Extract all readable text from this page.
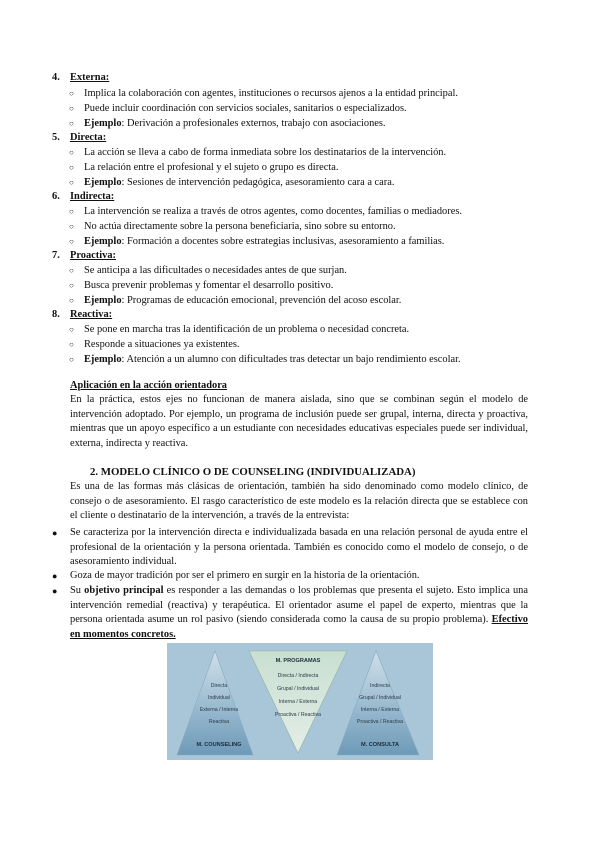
4. Externa:
○ Implica la colaboración con agentes, instituciones o recursos ajenos a la entidad principal.
○ Puede incluir coordinación con servicios sociales, sanitarios o especializados.
○ Ejemplo: Derivación a profesionales externos, trabajo con asociaciones.
5. Directa:
○ La acción se lleva a cabo de forma inmediata sobre los destinatarios de la intervención.
○ La relación entre el profesional y el sujeto o grupo es directa.
○ Ejemplo: Sesiones de intervención pedagógica, asesoramiento cara a cara.
6. Indirecta:
○ La intervención se realiza a través de otros agentes, como docentes, familias o mediadores.
○ No actúa directamente sobre la persona beneficiaria, sino sobre su entorno.
○ Ejemplo: Formación a docentes sobre estrategias inclusivas, asesoramiento a familias.
7. Proactiva:
○ Se anticipa a las dificultades o necesidades antes de que surjan.
○ Busca prevenir problemas y fomentar el desarrollo positivo.
○ Ejemplo: Programas de educación emocional, prevención del acoso escolar.
8. Reactiva:
○ Se pone en marcha tras la identificación de un problema o necesidad concreta.
○ Responde a situaciones ya existentes.
○ Ejemplo: Atención a un alumno con dificultades tras detectar un bajo rendimiento escolar.
Aplicación en la acción orientadora
En la práctica, estos ejes no funcionan de manera aislada, sino que se combinan según el modelo de intervención adoptado. Por ejemplo, un programa de inclusión puede ser grupal, interna, directa y proactiva, mientras que un apoyo específico a un estudiante con necesidades educativas especiales puede ser individual, externa, indirecta y reactiva.
2. MODELO CLÍNICO O DE COUNSELING (INDIVIDUALIZADA)
Es una de las formas más clásicas de orientación, también ha sido denominado como modelo clínico, de consejo o de asesoramiento. El rasgo característico de este modelo es la relación directa que se establece con el cliente o destinatario de la intervención, a través de la entrevista:
● Se caracteriza por la intervención directa e individualizada basada en una relación personal de ayuda entre el profesional de la orientación y la persona orientada. También es conocido como el modelo de consejo, o de asesoramiento individual.
● Goza de mayor tradición por ser el primero en surgir en la historia de la orientación.
● Su objetivo principal es responder a las demandas o los problemas que presenta el sujeto. Esto implica una intervención remedial (reactiva) y terapéutica. El orientador asume el papel de experto, mientras que la persona orientada asume un rol pasivo (siendo considerada como la causa de su propio problema). Efectivo en momentos concretos.
Directa
Individual
Externa / Interna
Reactiva
M. COUNSELING
M. PROGRAMAS
Directa / Indirecta
Grupal / Individual
Interna / Externa
Proactiva / Reactiva
Indirecta
Grupal / Individual
Interna / Externa
Proactiva / Reactiva
M. CONSULTA
